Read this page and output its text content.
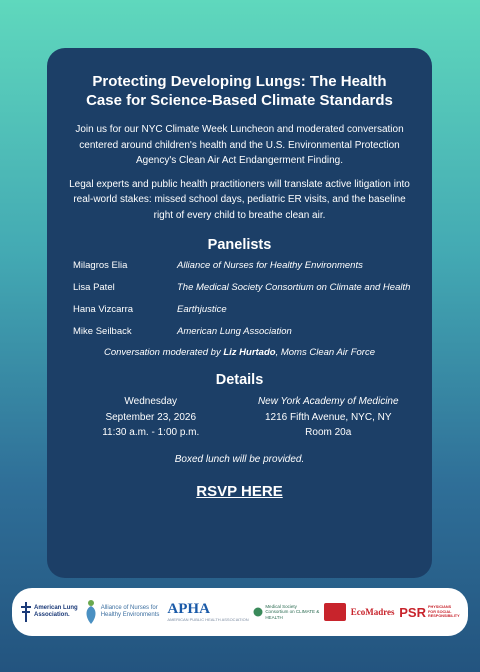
Protecting Developing Lungs: The Health Case for Science-Based Climate Standards

Join us for our NYC Climate Week Luncheon and moderated conversation centered around children's health and the U.S. Environmental Protection Agency's Clean Air Act Endangerment Finding.

Legal experts and public health practitioners will translate active litigation into real-world stakes: missed school days, pediatric ER visits, and the baseline right of every child to breathe clean air.

Panelists
Milagros Elia	Alliance of Nurses for Healthy Environments
Lisa Patel	The Medical Society Consortium on Climate and Health
Hana Vizcarra	Earthjustice
Mike Seilback	American Lung Association

Conversation moderated by Liz Hurtado, Moms Clean Air Force

Details
Wednesday
September 23, 2026
11:30 a.m. - 1:00 p.m.
New York Academy of Medicine
1216 Fifth Avenue, NYC, NY
Room 20a

Boxed lunch will be provided.

RSVP HERE
American Lung Association.
Alliance of Nurses for Healthy Environments APHA
AMERICAN PUBLIC HEALTH ASSOCIATION
Medical Society Consortium on CLIMATE & HEALTH
EcoMadres PSR PHYSICIANS FOR SOCIAL RESPONSIBILITY
